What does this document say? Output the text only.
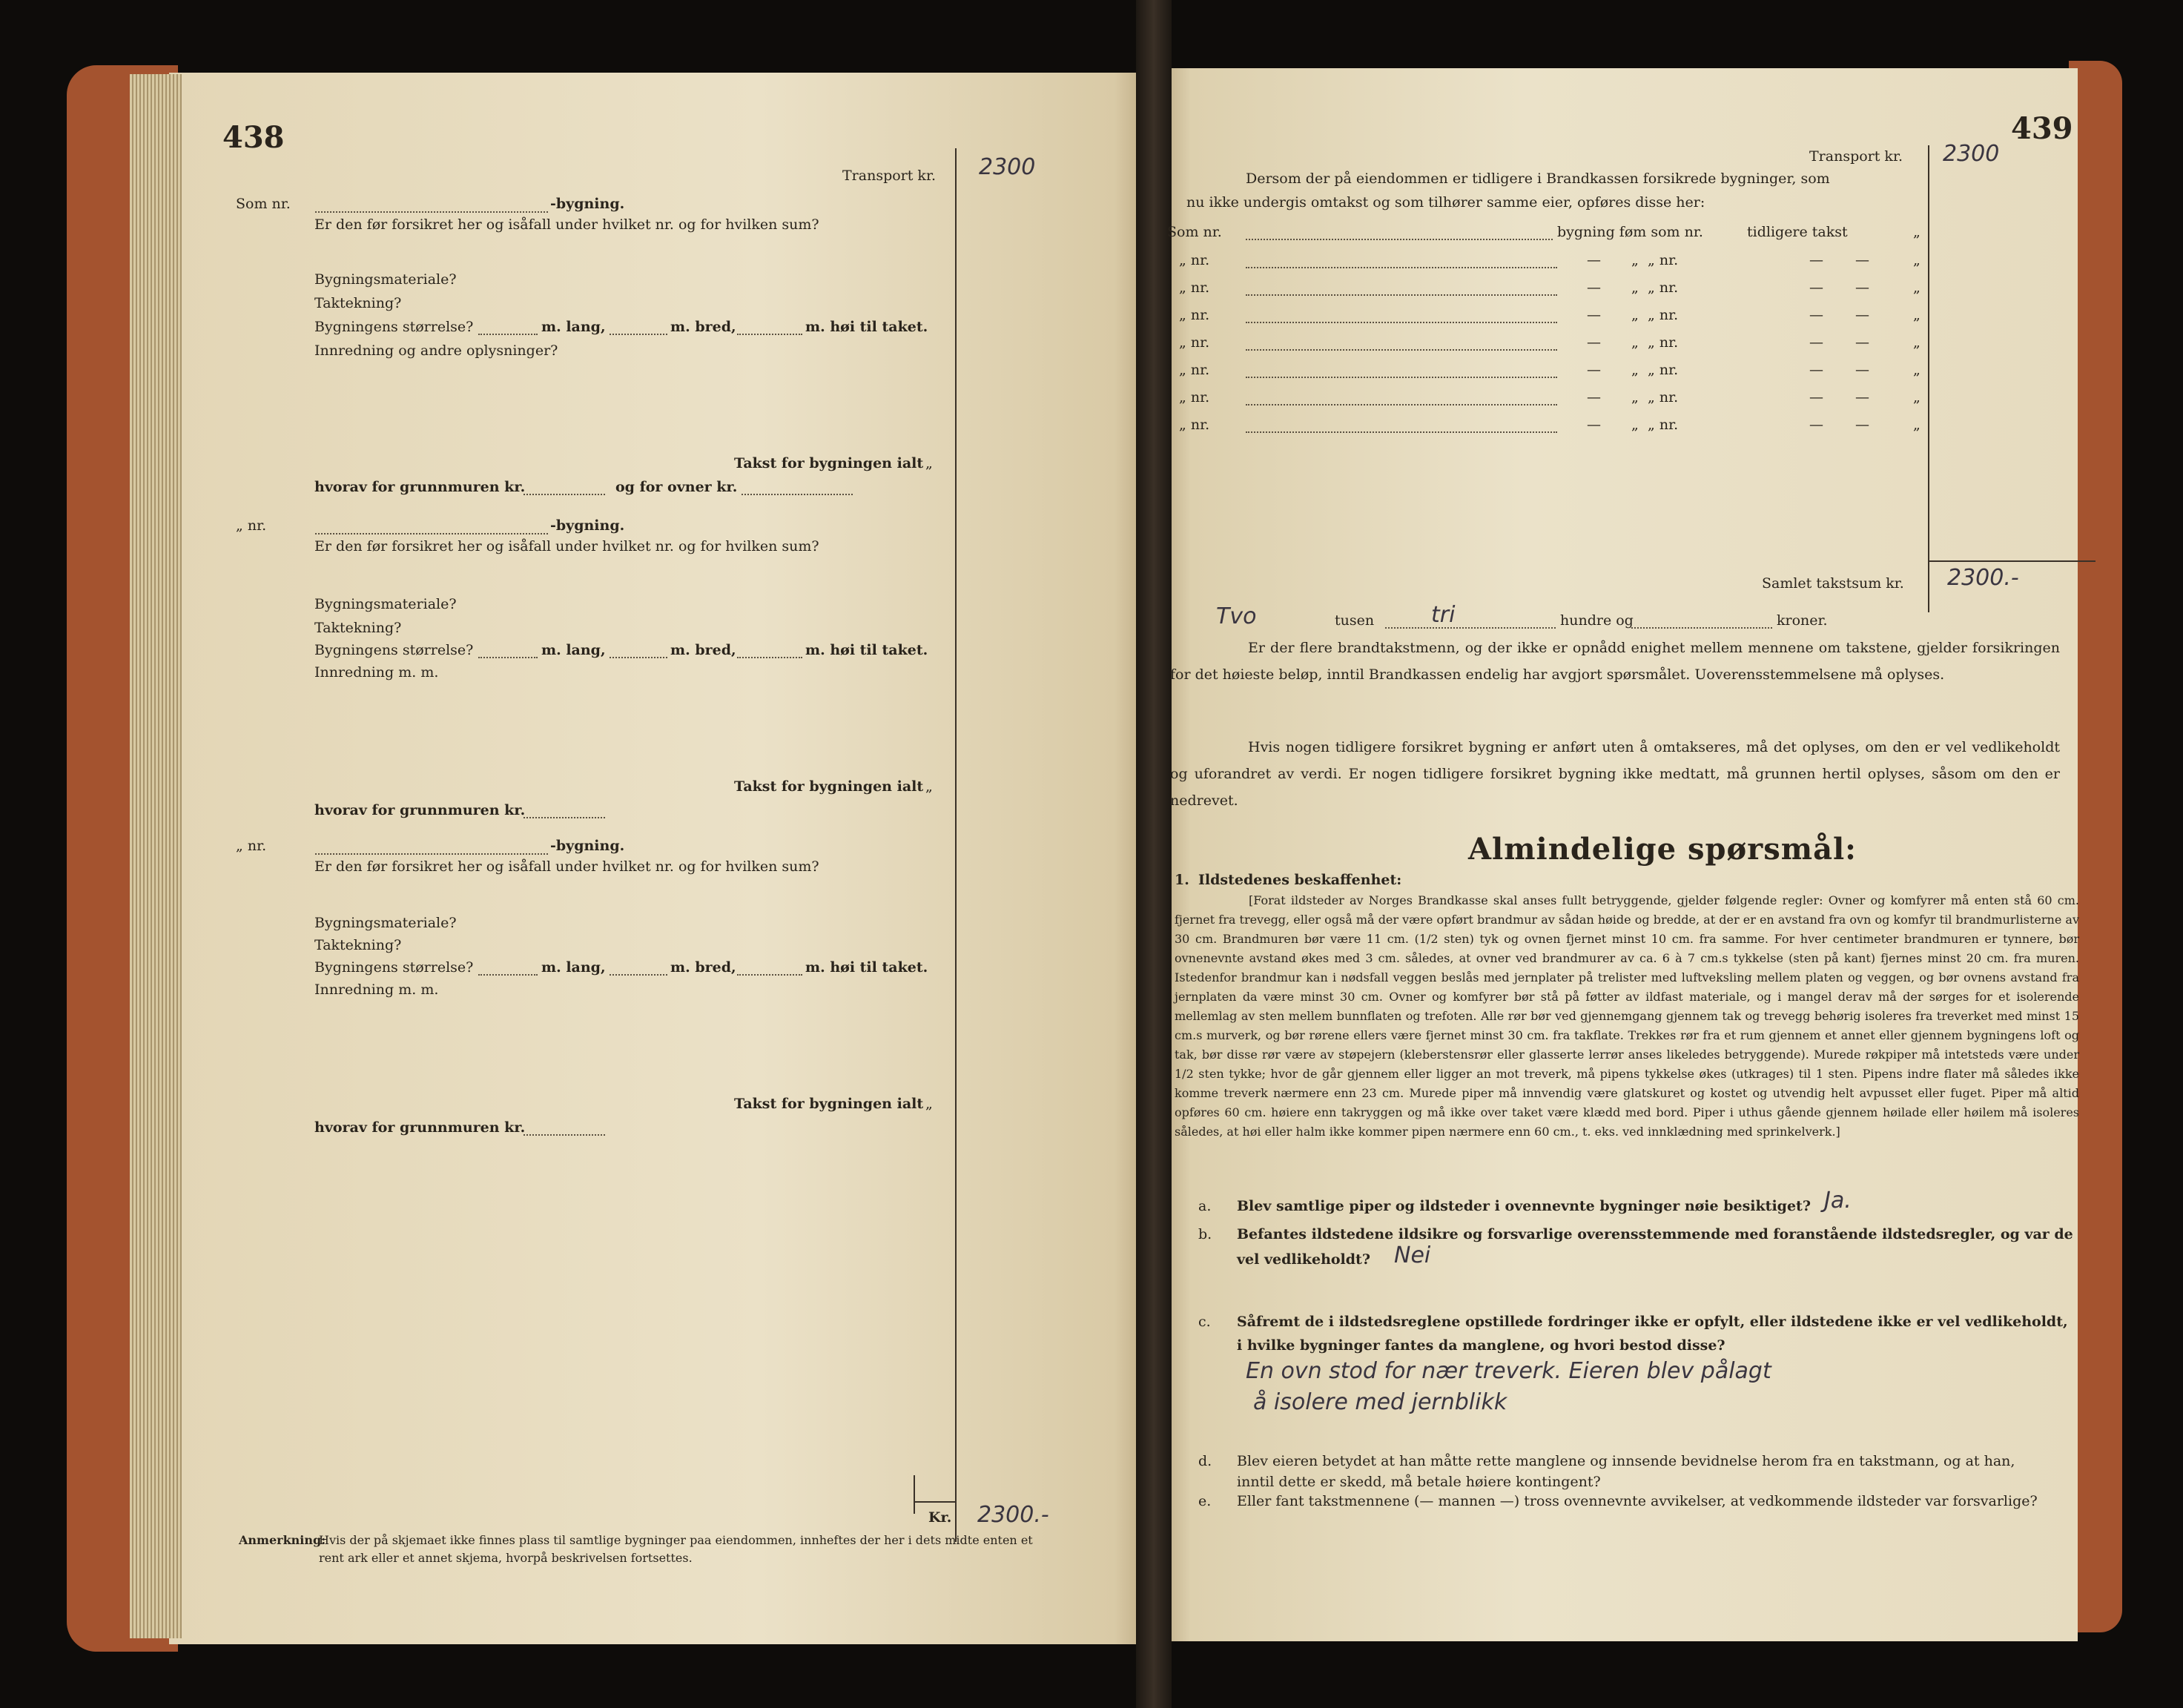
438
Transport kr. 2300
Som nr.	-bygning.
Er den før forsikret her og isåfall under hvilket nr. og for hvilken sum?
Bygningsmateriale?
Taktekning?
Bygningens størrelse?	m. lang,	m. bred,	m. høi til taket.
Innredning og andre oplysninger?
Takst for bygningen ialt „
hvorav for grunnmuren kr.	og for ovner kr.
„ nr.	-bygning.
Er den før forsikret her og isåfall under hvilket nr. og for hvilken sum?
Bygningsmateriale?
Taktekning?
Bygningens størrelse?	m. lang,	m. bred,	m. høi til taket.
Innredning m. m.
Takst for bygningen ialt „
hvorav for grunnmuren kr.
„ nr.	-bygning.
Er den før forsikret her og isåfall under hvilket nr. og for hvilken sum?
Bygningsmateriale?
Taktekning?
Bygningens størrelse?	m. lang,	m. bred,	m. høi til taket.
Innredning m. m.
Takst for bygningen ialt „
hvorav for grunnmuren kr.
Kr. 2300.-
Anmerkning:
Hvis der på skjemaet ikke finnes plass til samtlige bygninger paa eiendommen, innheftes der her i dets midte enten et
rent ark eller et annet skjema, hvorpå beskrivelsen fortsettes.
439
Transport kr. 2300
Dersom der på eiendommen er tidligere i Brandkassen forsikrede bygninger, som
nu ikke undergis omtakst og som tilhører samme eier, opføres disse her:
Som nr.	bygning føm som nr.	tidligere takst	„
„ nr.	— „ „ nr.	— —	„
„ nr.	— „ „ nr.	— —	„
„ nr.	— „ „ nr.	— —	„
„ nr.	— „ „ nr.	— —	„
„ nr.	— „ „ nr.	— —	„
„ nr.	— „ „ nr.	— —	„
„ nr.	— „ „ nr.	— —	„
Samlet takstsum kr. 2300.-
Tvo	tusen	tri	hundre og	kroner.
Er der flere brandtakstmenn, og der ikke er opnådd enighet mellem mennene om takstene, gjelder forsikringen for det høieste beløp, inntil Brandkassen endelig har avgjort spørsmålet. Uoverensstemmelsene må oplyses.
Hvis nogen tidligere forsikret bygning er anført uten å omtakseres, må det oplyses, om den er vel vedlikeholdt og uforandret av verdi. Er nogen tidligere forsikret bygning ikke medtatt, må grunnen hertil oplyses, såsom om den er nedrevet.
Almindelige spørsmål:
1. Ildstedenes beskaffenhet:
[Forat ildsteder av Norges Brandkasse skal anses fullt betryggende, gjelder følgende regler: Ovner og komfyrer må enten stå 60 cm. fjernet fra trevegg, eller også må der være opført brandmur av sådan høide og bredde, at der er en avstand fra ovn og komfyr til brandmurlisterne av 30 cm. Brandmuren bør være 11 cm. (1/2 sten) tyk og ovnen fjernet minst 10 cm. fra samme. For hver centimeter brandmuren er tynnere, bør ovnenevnte avstand økes med 3 cm. således, at ovner ved brandmurer av ca. 6 à 7 cm.s tykkelse (sten på kant) fjernes minst 20 cm. fra muren. Istedenfor brandmur kan i nødsfall veggen beslås med jernplater på trelister med luftveksling mellem platen og veggen, og bør ovnens avstand fra jernplaten da være minst 30 cm. Ovner og komfyrer bør stå på føtter av ildfast materiale, og i mangel derav må der sørges for et isolerende mellemlag av sten mellem bunnflaten og trefoten. Alle rør bør ved gjennemgang gjennem tak og trevegg behørig isoleres fra treverket med minst 15 cm.s murverk, og bør rørene ellers være fjernet minst 30 cm. fra takflate. Trekkes rør fra et rum gjennem et annet eller gjennem bygningens loft og tak, bør disse rør være av støpejern (kleberstensrør eller glasserte lerrør anses likeledes betryggende). Murede røkpiper må intetsteds være under 1/2 sten tykke; hvor de går gjennem eller ligger an mot treverk, må pipens tykkelse økes (utkrages) til 1 sten. Pipens indre flater må således ikke komme treverk nærmere enn 23 cm. Murede piper må innvendig være glatskuret og kostet og utvendig helt avpusset eller fuget. Piper må altid opføres 60 cm. høiere enn takryggen og må ikke over taket være klædd med bord. Piper i uthus gående gjennem høilade eller høilem må isoleres således, at høi eller halm ikke kommer pipen nærmere enn 60 cm., t. eks. ved innklædning med sprinkelverk.]
a. Blev samtlige piper og ildsteder i ovennevnte bygninger nøie besiktiget? Ja.
b. Befantes ildstedene ildsikre og forsvarlige overensstemmende med foranstående ildstedsregler, og var de
vel vedlikeholdt? Nei
c. Såfremt de i ildstedsreglene opstillede fordringer ikke er opfylt, eller ildstedene ikke er vel vedlikeholdt,
i hvilke bygninger fantes da manglene, og hvori bestod disse?
En ovn stod for nær treverk. Eieren blev pålagt
å isolere med jernblikk
d. Blev eieren betydet at han måtte rette manglene og innsende bevidnelse herom fra en takstmann, og at han,
inntil dette er skedd, må betale høiere kontingent?
e. Eller fant takstmennene (— mannen —) tross ovennevnte avvikelser, at vedkommende ildsteder var forsvarlige?
